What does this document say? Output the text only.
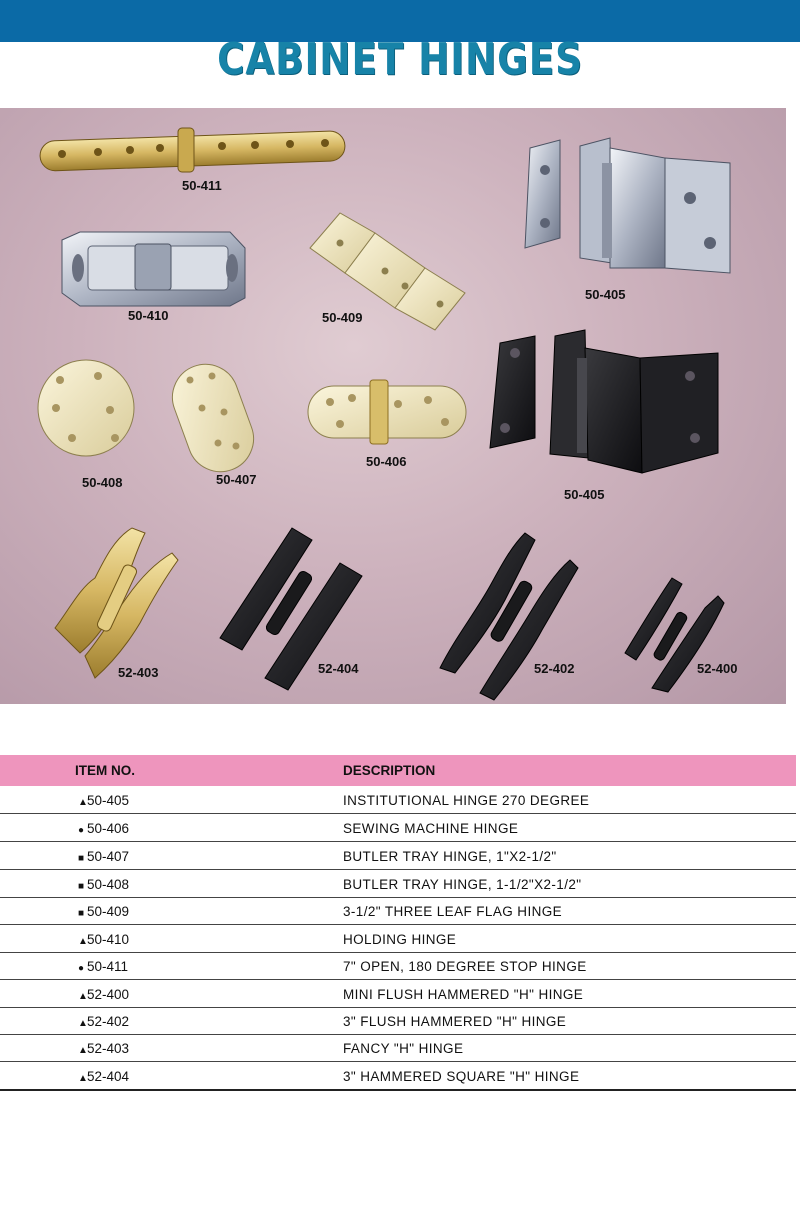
CABINET HINGES
50-411
50-410	50-409
50-405
50-408	50-407
50-406
50-405
52-403	52-404	52-402	52-400
ITEM NO.	DESCRIPTION
▲50-405	INSTITUTIONAL HINGE 270 DEGREE
● 50-406	SEWING MACHINE HINGE
■ 50-407	BUTLER TRAY HINGE, 1"X2-1/2"
■ 50-408	BUTLER TRAY HINGE, 1-1/2"X2-1/2"
■ 50-409	3-1/2" THREE LEAF FLAG HINGE
▲50-410	HOLDING HINGE
● 50-411	7" OPEN, 180 DEGREE STOP HINGE
▲52-400	MINI FLUSH HAMMERED "H" HINGE
▲52-402	3" FLUSH HAMMERED "H" HINGE
▲52-403	FANCY "H" HINGE
▲52-404	3" HAMMERED SQUARE "H" HINGE
